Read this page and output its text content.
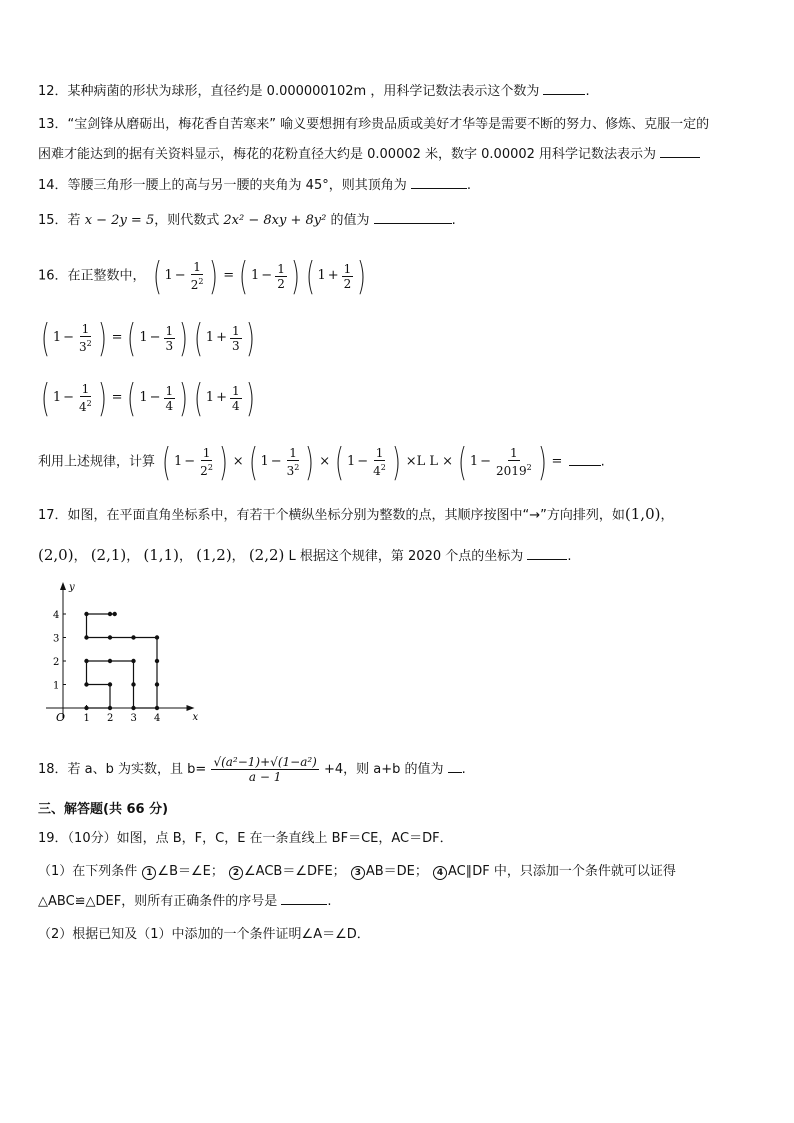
12．某种病菌的形状为球形，直径约是 0.000000102m ，用科学记数法表示这个数为	.
13．“宝剑锋从磨砺出，梅花香自苦寒来” 喻义要想拥有珍贵品质或美好才华等是需要不断的努力、修炼、克服一定的
困难才能达到的据有关资料显示，梅花的花粉直径大约是 0.00002 米，数字 0.00002 用科学记数法表示为
14．等腰三角形一腰上的高与另一腰的夹角为 45°，则其顶角为	.
15．若 x − 2y = 5，则代数式 2x² − 8xy + 8y² 的值为	.
16．在正整数中， ( $1 - \frac{1}{2^2}$ ) = ( $1 - \frac{1}{2}$ ) ( $1 + \frac{1}{2}$ )
( $1 - \frac{1}{3^2}$ ) = ( $1 - \frac{1}{3}$ ) ( $1 + \frac{1}{3}$ )
( $1 - \frac{1}{4^2}$ ) = ( $1 - \frac{1}{4}$ ) ( $1 + \frac{1}{4}$ )
利用上述规律，计算 ( $1 - \frac{1}{2^2}$ ) × ( $1 - \frac{1}{3^2}$ ) × ( $1 - \frac{1}{4^2}$ ) ×L L × ( $1 - \frac{1}{2019^2}$ ) =	.
17．如图，在平面直角坐标系中，有若干个横纵坐标分别为整数的点，其顺序按图中“→”方向排列，如(1,0)，
(2,0)， (2,1)， (1,1)， (1,2)， (2,2) L 根据这个规律，第 2020 个点的坐标为	.
x
y
O 1 2 3 4
1
2
3
4
18．若 a、b 为实数，且 $b= \frac{\text{√(a²−1)+√(1−a²)}}{a - 1} +4$，则 a+b 的值为 .
三、解答题(共 66 分)
19．（10分）如图，点 B，F，C，E 在一条直线上 BF＝CE，AC＝DF．
（1）在下列条件 1 ∠B＝∠E； 2 ∠ACB＝∠DFE； 3 AB＝DE； 4 AC∥DF 中，只添加一个条件就可以证得
△ABC≌△DEF，则所有正确条件的序号是	.
（2）根据已知及（1）中添加的一个条件证明∠A＝∠D．
